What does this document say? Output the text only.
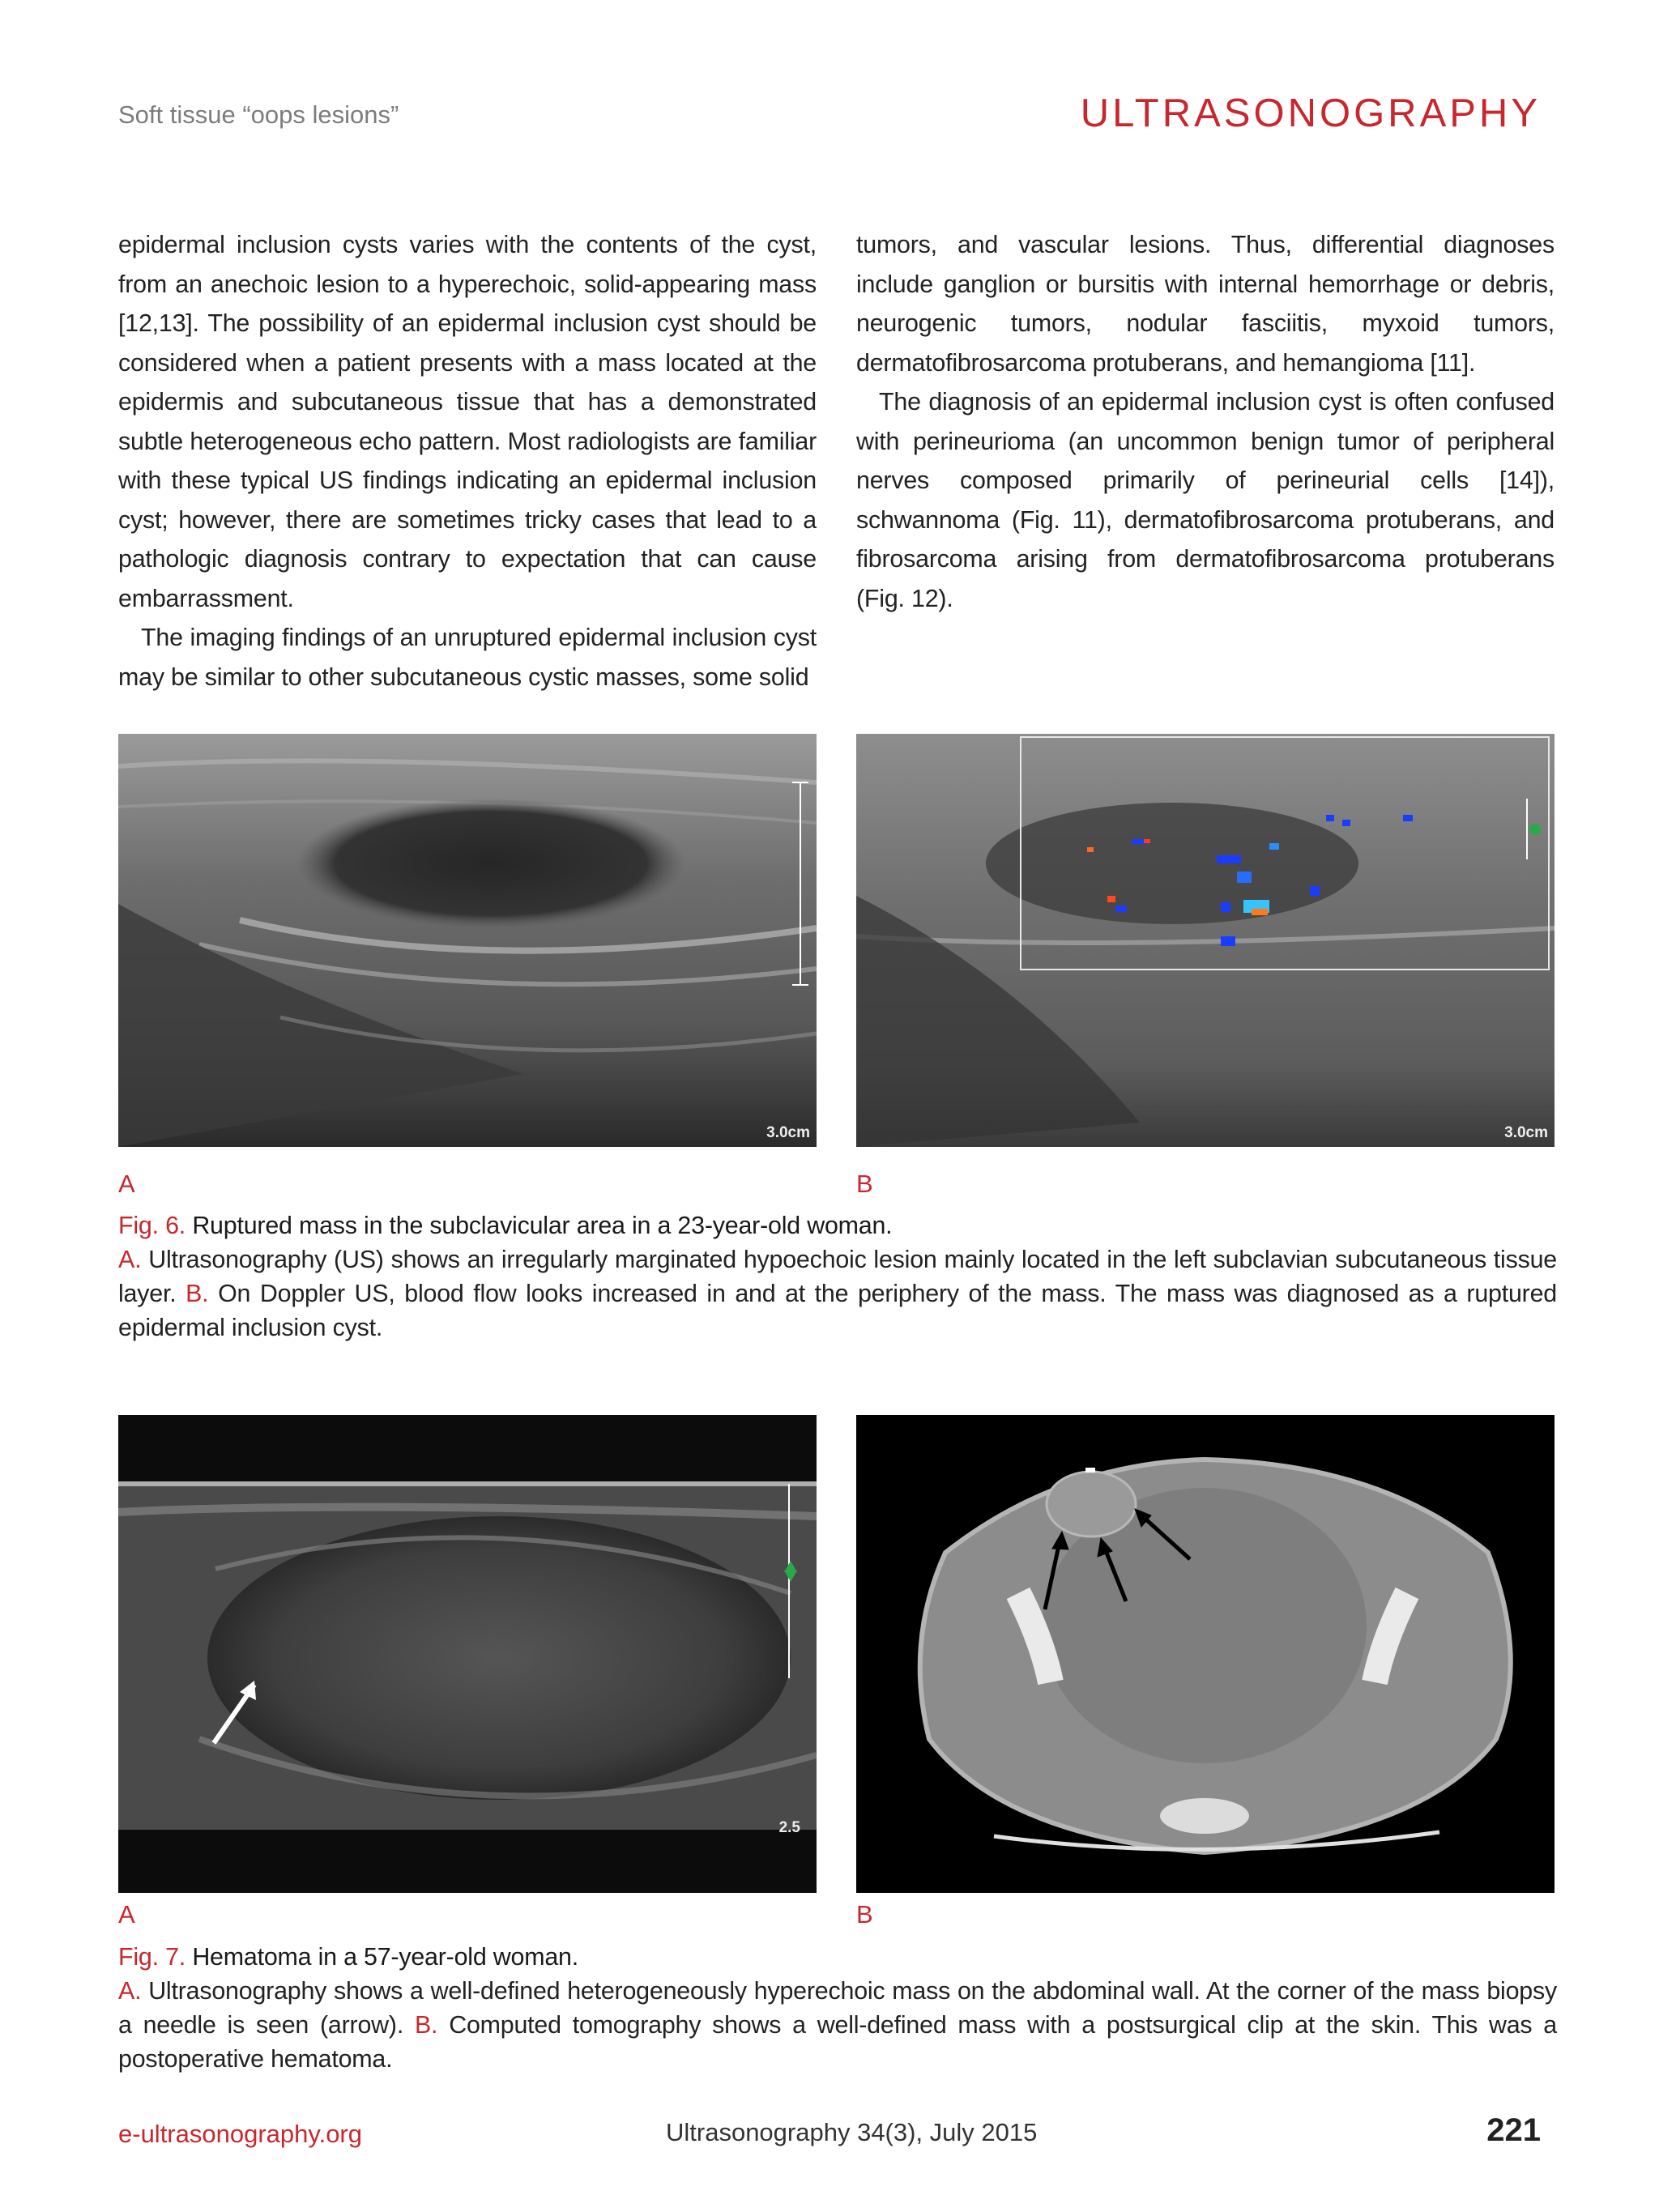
Soft tissue “oops lesions”	ULTRASONOGRAPHY

epidermal inclusion cysts varies with the contents of the cyst, from an anechoic lesion to a hyperechoic, solid-appearing mass [12,13]. The possibility of an epidermal inclusion cyst should be considered when a patient presents with a mass located at the epidermis and subcutaneous tissue that has a demonstrated subtle heterogeneous echo pattern. Most radiologists are familiar with these typical US findings indicating an epidermal inclusion cyst; however, there are sometimes tricky cases that lead to a pathologic diagnosis contrary to expectation that can cause embarrassment.

The imaging findings of an unruptured epidermal inclusion cyst may be similar to other subcutaneous cystic masses, some solid

tumors, and vascular lesions. Thus, differential diagnoses include ganglion or bursitis with internal hemorrhage or debris, neurogenic tumors, nodular fasciitis, myxoid tumors, dermatofibrosarcoma protuberans, and hemangioma [11].

The diagnosis of an epidermal inclusion cyst is often confused with perineurioma (an uncommon benign tumor of peripheral nerves composed primarily of perineurial cells [14]), schwannoma (Fig. 11), dermatofibrosarcoma protuberans, and fibrosarcoma arising from dermatofibrosarcoma protuberans (Fig. 12).

3.0cm	3.0cm
A	B
Fig. 6. Ruptured mass in the subclavicular area in a 23-year-old woman.
A. Ultrasonography (US) shows an irregularly marginated hypoechoic lesion mainly located in the left subclavian subcutaneous tissue layer. B. On Doppler US, blood flow looks increased in and at the periphery of the mass. The mass was diagnosed as a ruptured epidermal inclusion cyst.
2.5
A	B
Fig. 7. Hematoma in a 57-year-old woman.
A. Ultrasonography shows a well-defined heterogeneously hyperechoic mass on the abdominal wall. At the corner of the mass biopsy a needle is seen (arrow). B. Computed tomography shows a well-defined mass with a postsurgical clip at the skin. This was a postoperative hematoma.
e-ultrasonography.org	Ultrasonography 34(3), July 2015	221
